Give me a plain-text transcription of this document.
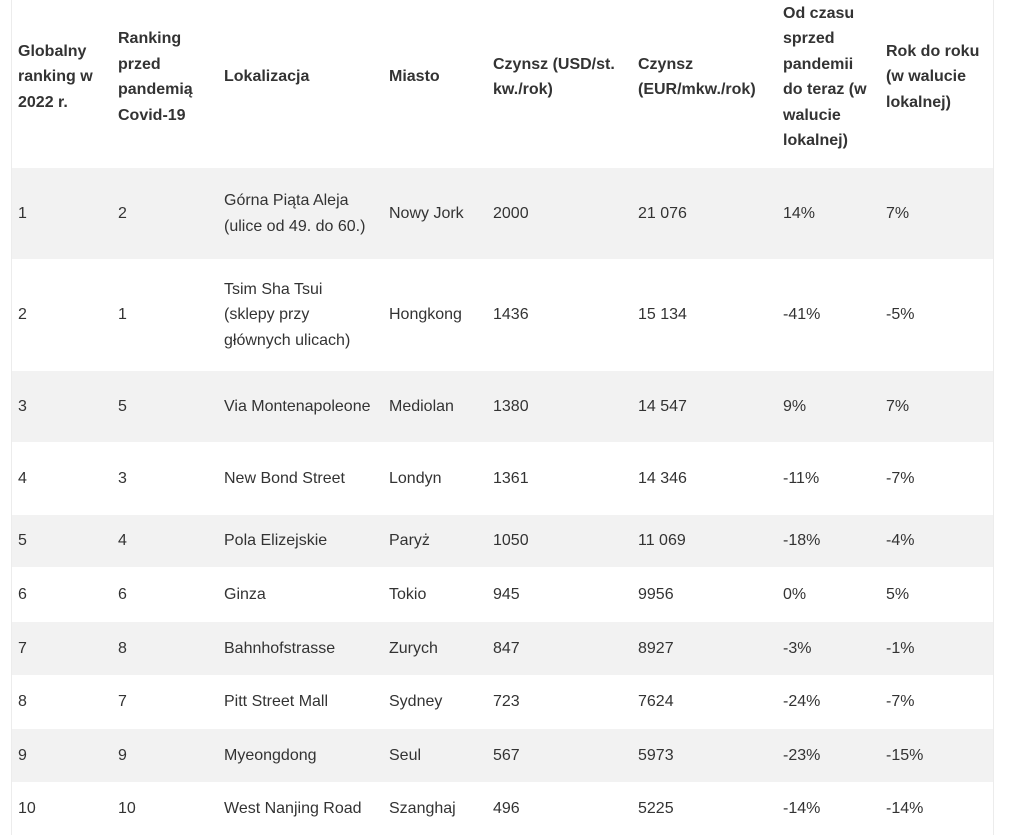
Globalny ranking w 2022 r.	Ranking przed pandemią Covid-19	Lokalizacja	Miasto	Czynsz (USD/st. kw./rok)	Czynsz (EUR/mkw./rok)	Od czasu sprzed pandemii do teraz (w walucie lokalnej)	Rok do roku (w walucie lokalnej)
1	2	Górna Piąta Aleja (ulice od 49. do 60.)	Nowy Jork	2000	21 076	14%	7%
2	1	Tsim Sha Tsui (sklepy przy głównych ulicach)	Hongkong	1436	15 134	-41%	-5%
3	5	Via Montenapoleone	Mediolan	1380	14 547	9%	7%
4	3	New Bond Street	Londyn	1361	14 346	-11%	-7%
5	4	Pola Elizejskie	Paryż	1050	11 069	-18%	-4%
6	6	Ginza	Tokio	945	9956	0%	5%
7	8	Bahnhofstrasse	Zurych	847	8927	-3%	-1%
8	7	Pitt Street Mall	Sydney	723	7624	-24%	-7%
9	9	Myeongdong	Seul	567	5973	-23%	-15%
10	10	West Nanjing Road	Szanghaj	496	5225	-14%	-14%
